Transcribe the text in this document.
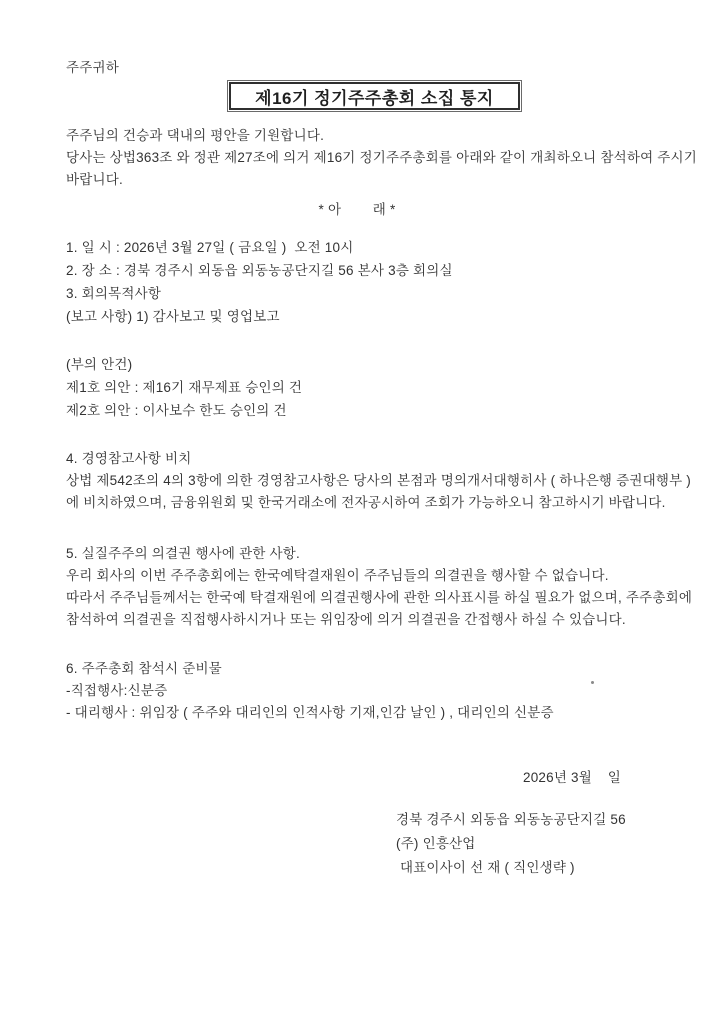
주주귀하
제16기 정기주주총회 소집 통지
주주님의 건승과 댁내의 평안을 기원합니다.
당사는 상법363조 와 정관 제27조에 의거 제16기 정기주주총회를 아래와 같이 개최하오니 참석하여 주시기
바랍니다.
* 아        래 *
1. 일 시 : 2026년 3월 27일 ( 금요일 )  오전 10시
2. 장 소 : 경북 경주시 외동읍 외동농공단지길 56 본사 3층 회의실
3. 회의목적사항
(보고 사항) 1) 감사보고 및 영업보고
(부의 안건)
제1호 의안 : 제16기 재무제표 승인의 건
제2호 의안 : 이사보수 한도 승인의 건
4. 경영참고사항 비치
상법 제542조의 4의 3항에 의한 경영참고사항은 당사의 본점과 명의개서대행히사 ( 하나은행 증권대행부 )
에 비치하였으며, 금융위원회 및 한국거래소에 전자공시하여 조회가 가능하오니 참고하시기 바랍니다.
5. 실질주주의 의결권 행사에 관한 사항.
우리 회사의 이번 주주총회에는 한국예탁결재원이 주주님들의 의결권을 행사할 수 없습니다.
따라서 주주님들께서는 한국예 탁결재원에 의결권행사에 관한 의사표시를 하실 필요가 없으며, 주주총회에
참석하여 의결권을 직접행사하시거나 또는 위임장에 의거 의결권을 간접행사 하실 수 있습니다.
6. 주주총회 참석시 준비물
-직접행사:신분증
- 대리행사 : 위임장 ( 주주와 대리인의 인적사항 기재,인감 날인 ) , 대리인의 신분증
2026년 3월    일
경북 경주시 외동읍 외동농공단지길 56
(주) 인흥산업
대표이사이 선 재 ( 직인생략 )
